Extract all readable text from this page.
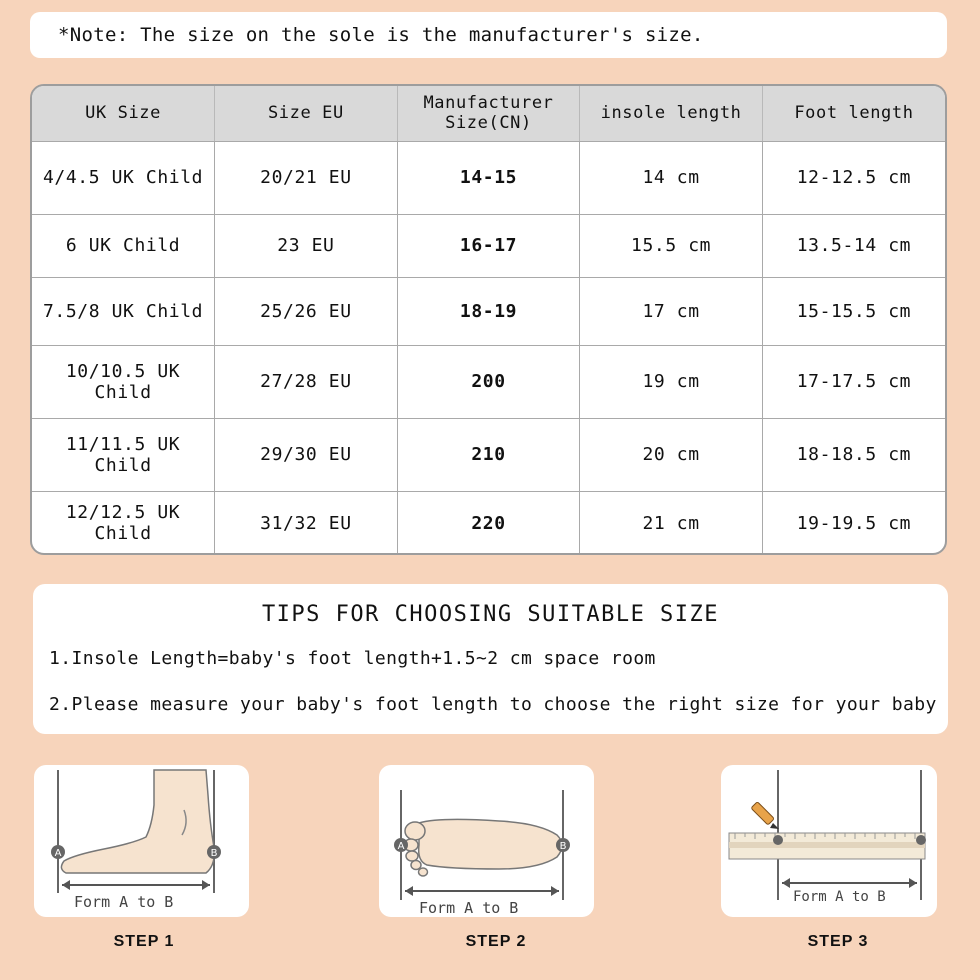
*Note: The size on the sole is the manufacturer's size.
UK Size	Size EU	Manufacturer Size(CN)	insole length	Foot length
4/4.5 UK Child	20/21 EU	14-15	14 cm	12-12.5 cm
6 UK Child	23 EU	16-17	15.5 cm	13.5-14 cm
7.5/8 UK Child	25/26 EU	18-19	17 cm	15-15.5 cm
10/10.5 UK Child	27/28 EU	200	19 cm	17-17.5 cm
11/11.5 UK Child	29/30 EU	210	20 cm	18-18.5 cm
12/12.5 UK Child	31/32 EU	220	21 cm	19-19.5 cm
TIPS FOR CHOOSING SUITABLE SIZE

1.Insole Length=baby's foot length+1.5~2 cm space room

2.Please measure your baby's foot length to choose the right size for your baby

A	B
Form A to B
STEP 1
A	B
Form A to B
STEP 2
Form A to B
STEP 3
